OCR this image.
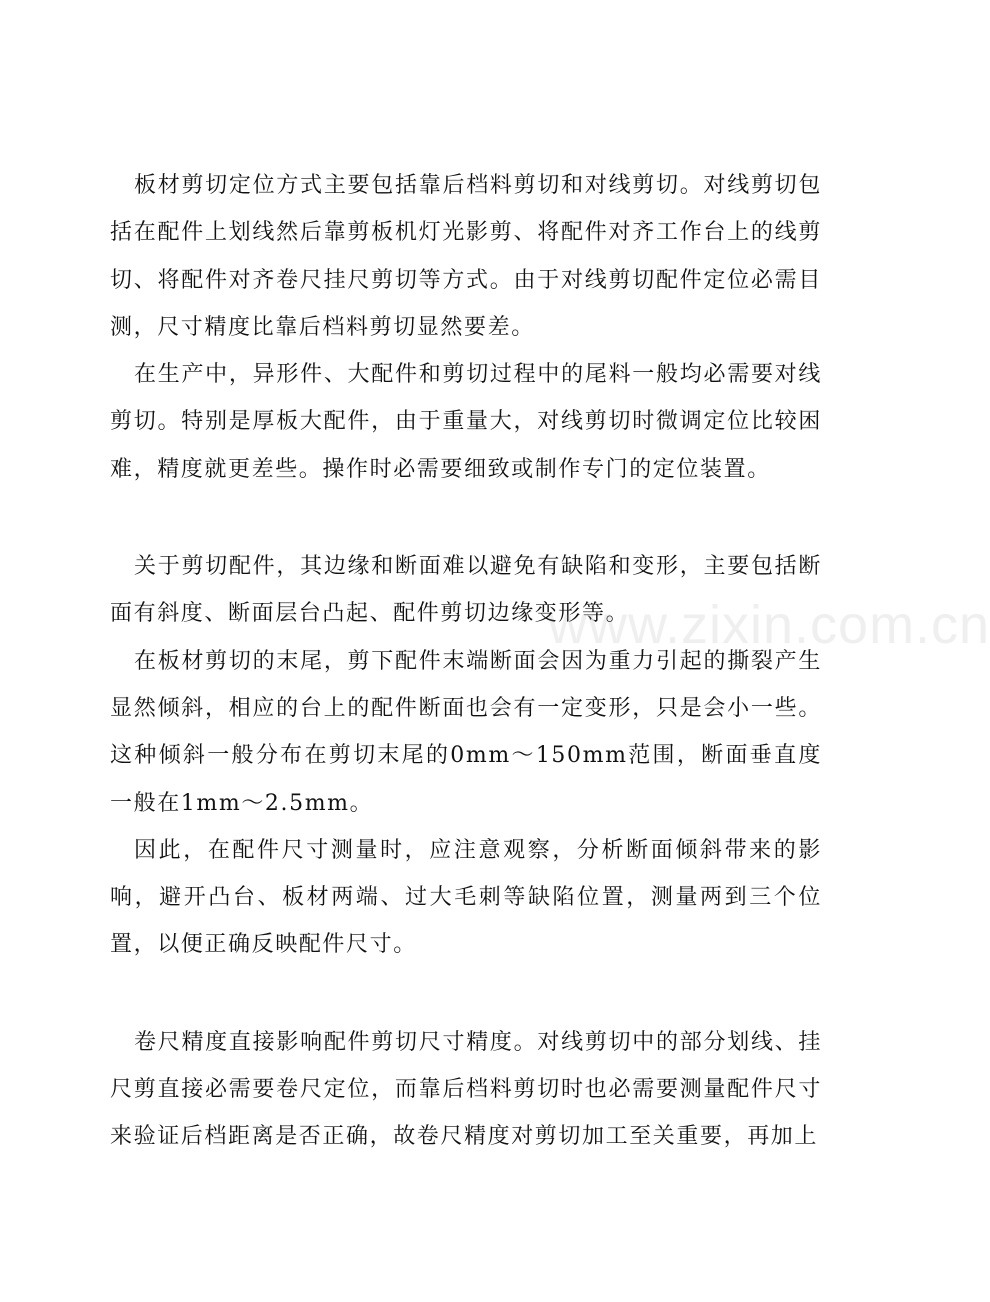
板材剪切定位方式主要包括靠后档料剪切和对线剪切。对线剪切包括在配件上划线然后靠剪板机灯光影剪、将配件对齐工作台上的线剪切、将配件对齐卷尺挂尺剪切等方式。由于对线剪切配件定位必需目测，尺寸精度比靠后档料剪切显然要差。

在生产中，异形件、大配件和剪切过程中的尾料一般均必需要对线剪切。特别是厚板大配件，由于重量大，对线剪切时微调定位比较困难，精度就更差些。操作时必需要细致或制作专门的定位装置。

关于剪切配件，其边缘和断面难以避免有缺陷和变形，主要包括断面有斜度、断面层台凸起、配件剪切边缘变形等。

在板材剪切的末尾，剪下配件末端断面会因为重力引起的撕裂产生显然倾斜，相应的台上的配件断面也会有一定变形，只是会小一些。这种倾斜一般分布在剪切末尾的0mm～150mm范围，断面垂直度一般在1mm～2.5mm。

因此，在配件尺寸测量时，应注意观察，分析断面倾斜带来的影响，避开凸台、板材两端、过大毛刺等缺陷位置，测量两到三个位置，以便正确反映配件尺寸。

卷尺精度直接影响配件剪切尺寸精度。对线剪切中的部分划线、挂尺剪直接必需要卷尺定位，而靠后档料剪切时也必需要测量配件尺寸来验证后档距离是否正确，故卷尺精度对剪切加工至关重要，再加上

www.zixin.com.cn
